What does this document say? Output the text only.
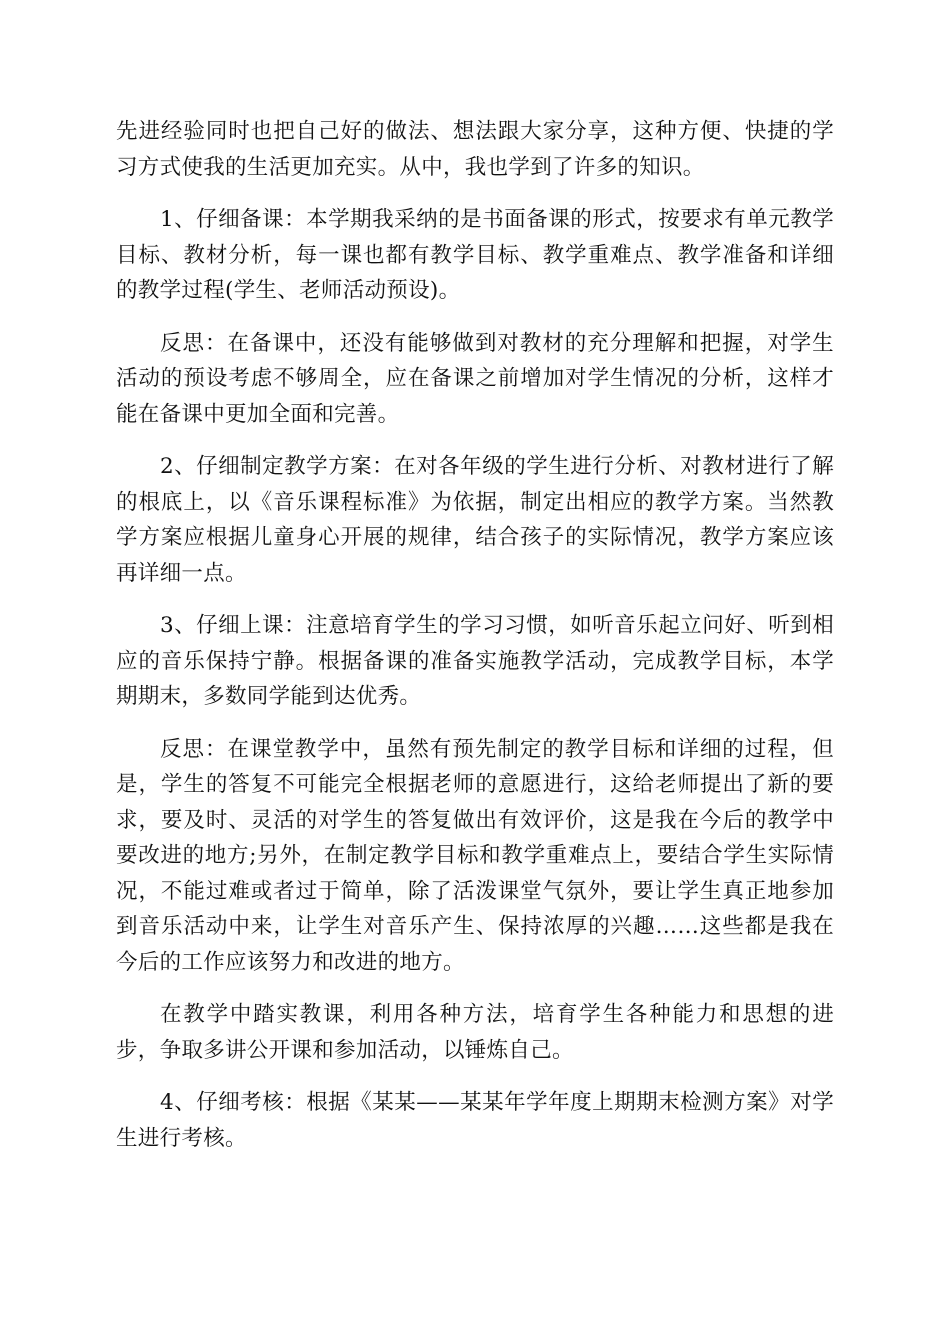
先进经验同时也把自己好的做法、想法跟大家分享，这种方便、快捷的学习方式使我的生活更加充实。从中，我也学到了许多的知识。

1、仔细备课：本学期我采纳的是书面备课的形式，按要求有单元教学目标、教材分析，每一课也都有教学目标、教学重难点、教学准备和详细的教学过程(学生、老师活动预设)。

反思：在备课中，还没有能够做到对教材的充分理解和把握，对学生活动的预设考虑不够周全，应在备课之前增加对学生情况的分析，这样才能在备课中更加全面和完善。

2、仔细制定教学方案：在对各年级的学生进行分析、对教材进行了解的根底上，以《音乐课程标准》为依据，制定出相应的教学方案。当然教学方案应根据儿童身心开展的规律，结合孩子的实际情况，教学方案应该再详细一点。

3、仔细上课：注意培育学生的学习习惯，如听音乐起立问好、听到相应的音乐保持宁静。根据备课的准备实施教学活动，完成教学目标，本学期期末，多数同学能到达优秀。

反思：在课堂教学中，虽然有预先制定的教学目标和详细的过程，但是，学生的答复不可能完全根据老师的意愿进行，这给老师提出了新的要求，要及时、灵活的对学生的答复做出有效评价，这是我在今后的教学中要改进的地方;另外，在制定教学目标和教学重难点上，要结合学生实际情况，不能过难或者过于简单，除了活泼课堂气氛外，要让学生真正地参加到音乐活动中来，让学生对音乐产生、保持浓厚的兴趣……这些都是我在今后的工作应该努力和改进的地方。

在教学中踏实教课，利用各种方法，培育学生各种能力和思想的进步，争取多讲公开课和参加活动，以锤炼自己。

4、仔细考核：根据《某某——某某年学年度上期期末检测方案》对学生进行考核。
